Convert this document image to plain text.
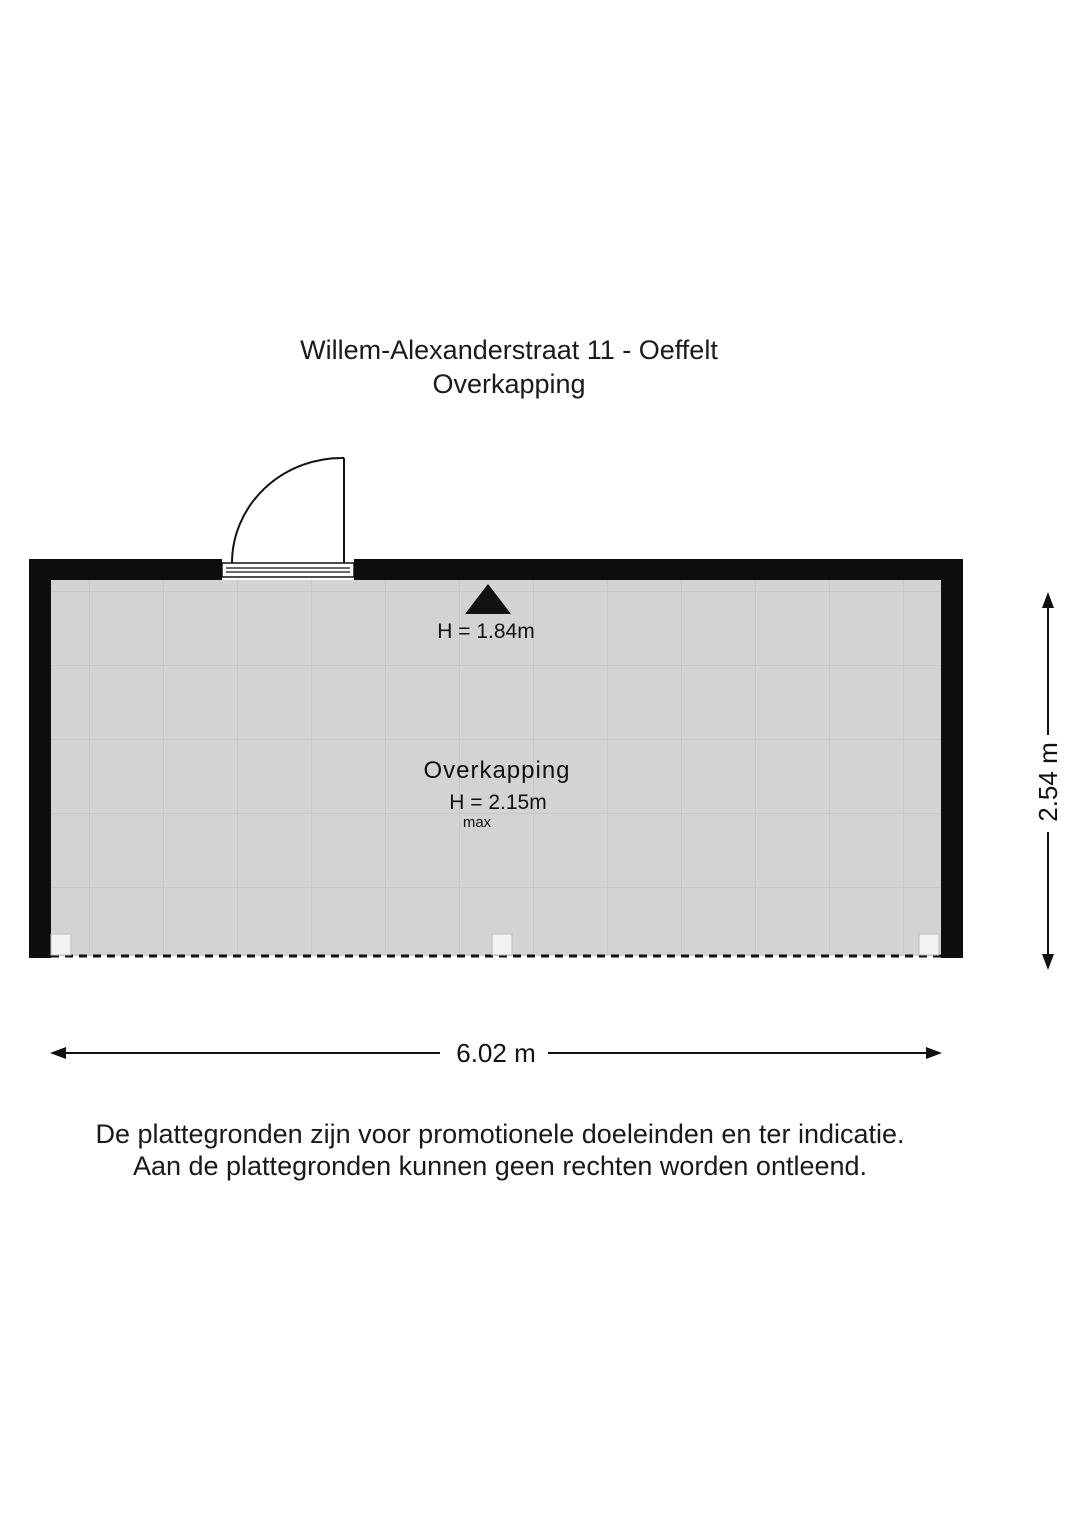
Willem-Alexanderstraat 11 - Oeffelt
Overkapping
H = 1.84m
Overkapping
H = 2.15m
max
6.02 m
2.54 m
De plattegronden zijn voor promotionele doeleinden en ter indicatie.
Aan de plattegronden kunnen geen rechten worden ontleend.
